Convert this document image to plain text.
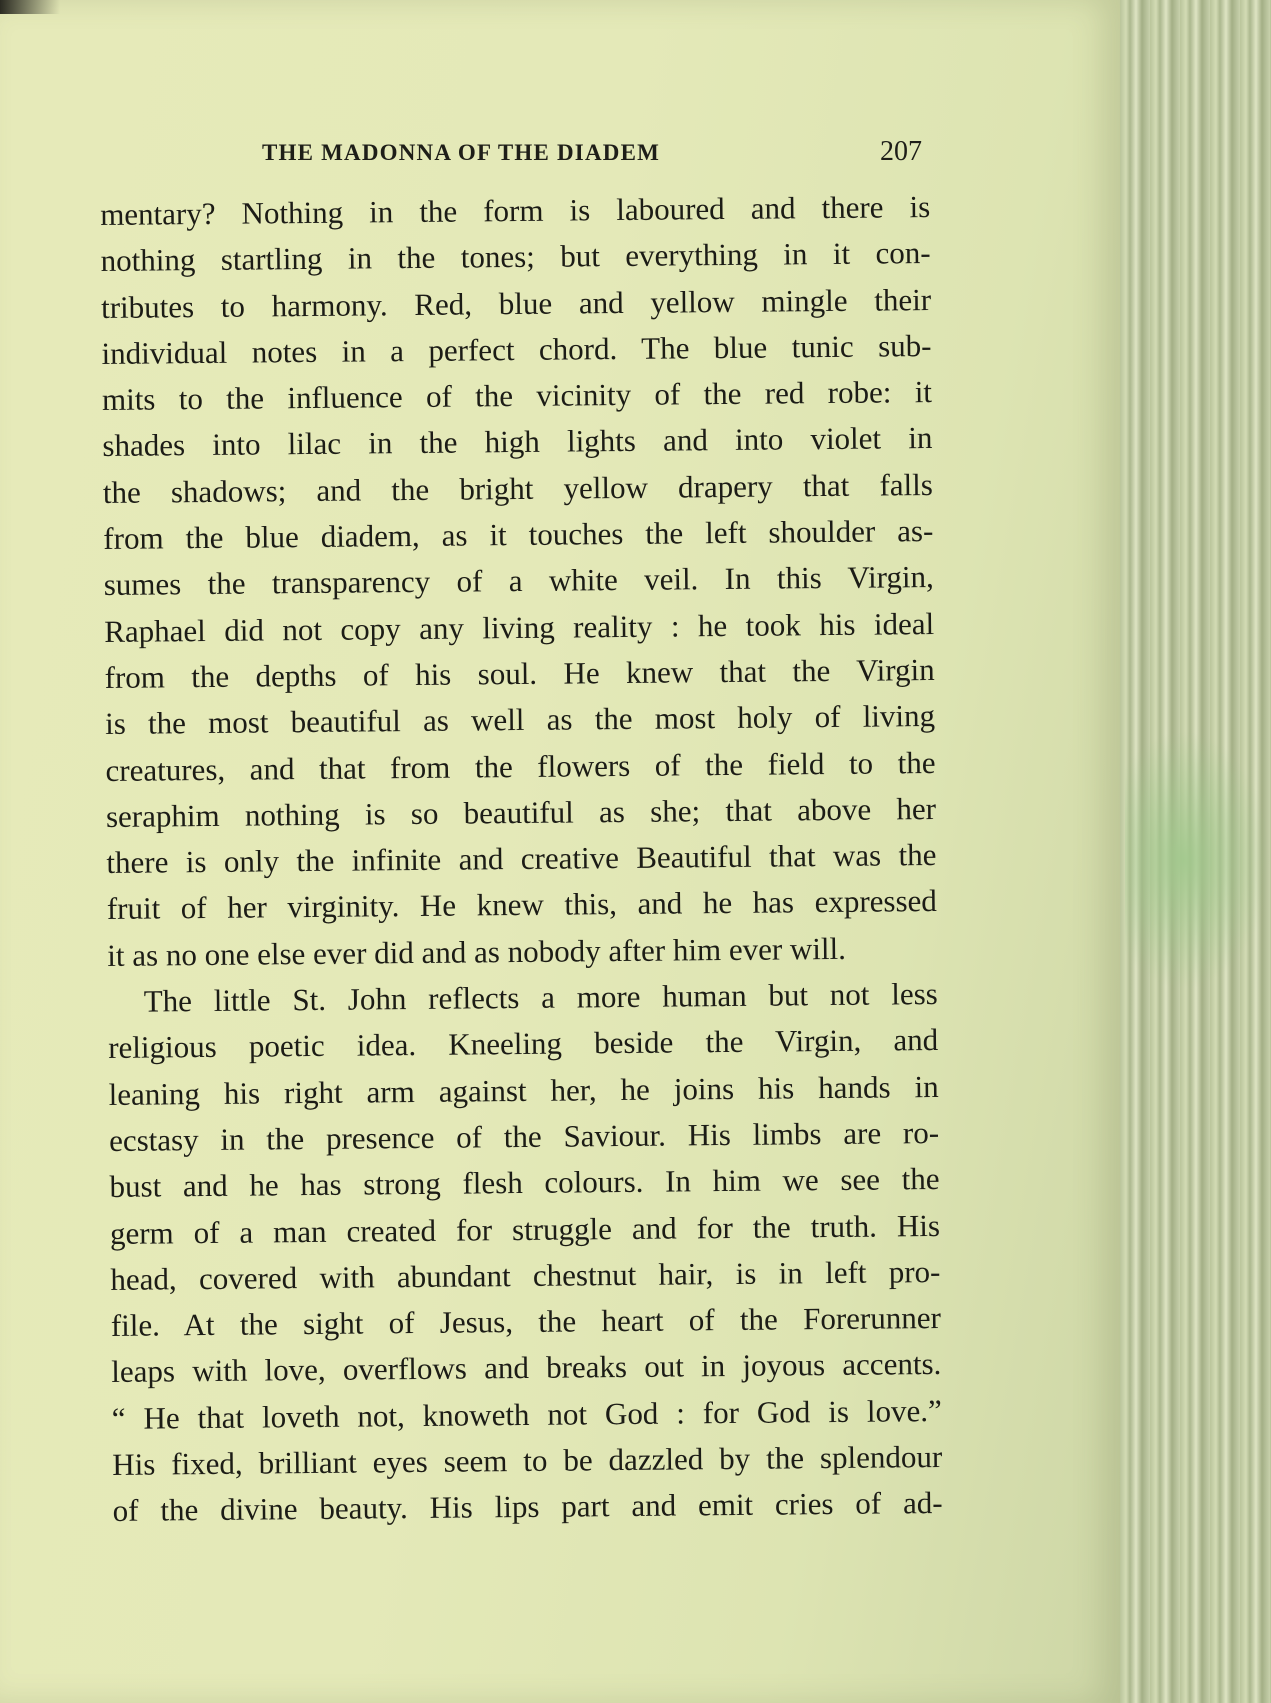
THE MADONNA OF THE DIADEM	207
mentary? Nothing in the form is laboured and there is
nothing startling in the tones; but everything in it con-
tributes to harmony. Red, blue and yellow mingle their
individual notes in a perfect chord. The blue tunic sub-
mits to the influence of the vicinity of the red robe: it
shades into lilac in the high lights and into violet in
the shadows; and the bright yellow drapery that falls
from the blue diadem, as it touches the left shoulder as-
sumes the transparency of a white veil. In this Virgin,
Raphael did not copy any living reality : he took his ideal
from the depths of his soul. He knew that the Virgin
is the most beautiful as well as the most holy of living
creatures, and that from the flowers of the field to the
seraphim nothing is so beautiful as she; that above her
there is only the infinite and creative Beautiful that was the
fruit of her virginity. He knew this, and he has expressed
it as no one else ever did and as nobody after him ever will.
The little St. John reflects a more human but not less
religious poetic idea. Kneeling beside the Virgin, and
leaning his right arm against her, he joins his hands in
ecstasy in the presence of the Saviour. His limbs are ro-
bust and he has strong flesh colours. In him we see the
germ of a man created for struggle and for the truth. His
head, covered with abundant chestnut hair, is in left pro-
file. At the sight of Jesus, the heart of the Forerunner
leaps with love, overflows and breaks out in joyous accents.
“ He that loveth not, knoweth not God : for God is love.”
His fixed, brilliant eyes seem to be dazzled by the splendour
of the divine beauty. His lips part and emit cries of ad-
